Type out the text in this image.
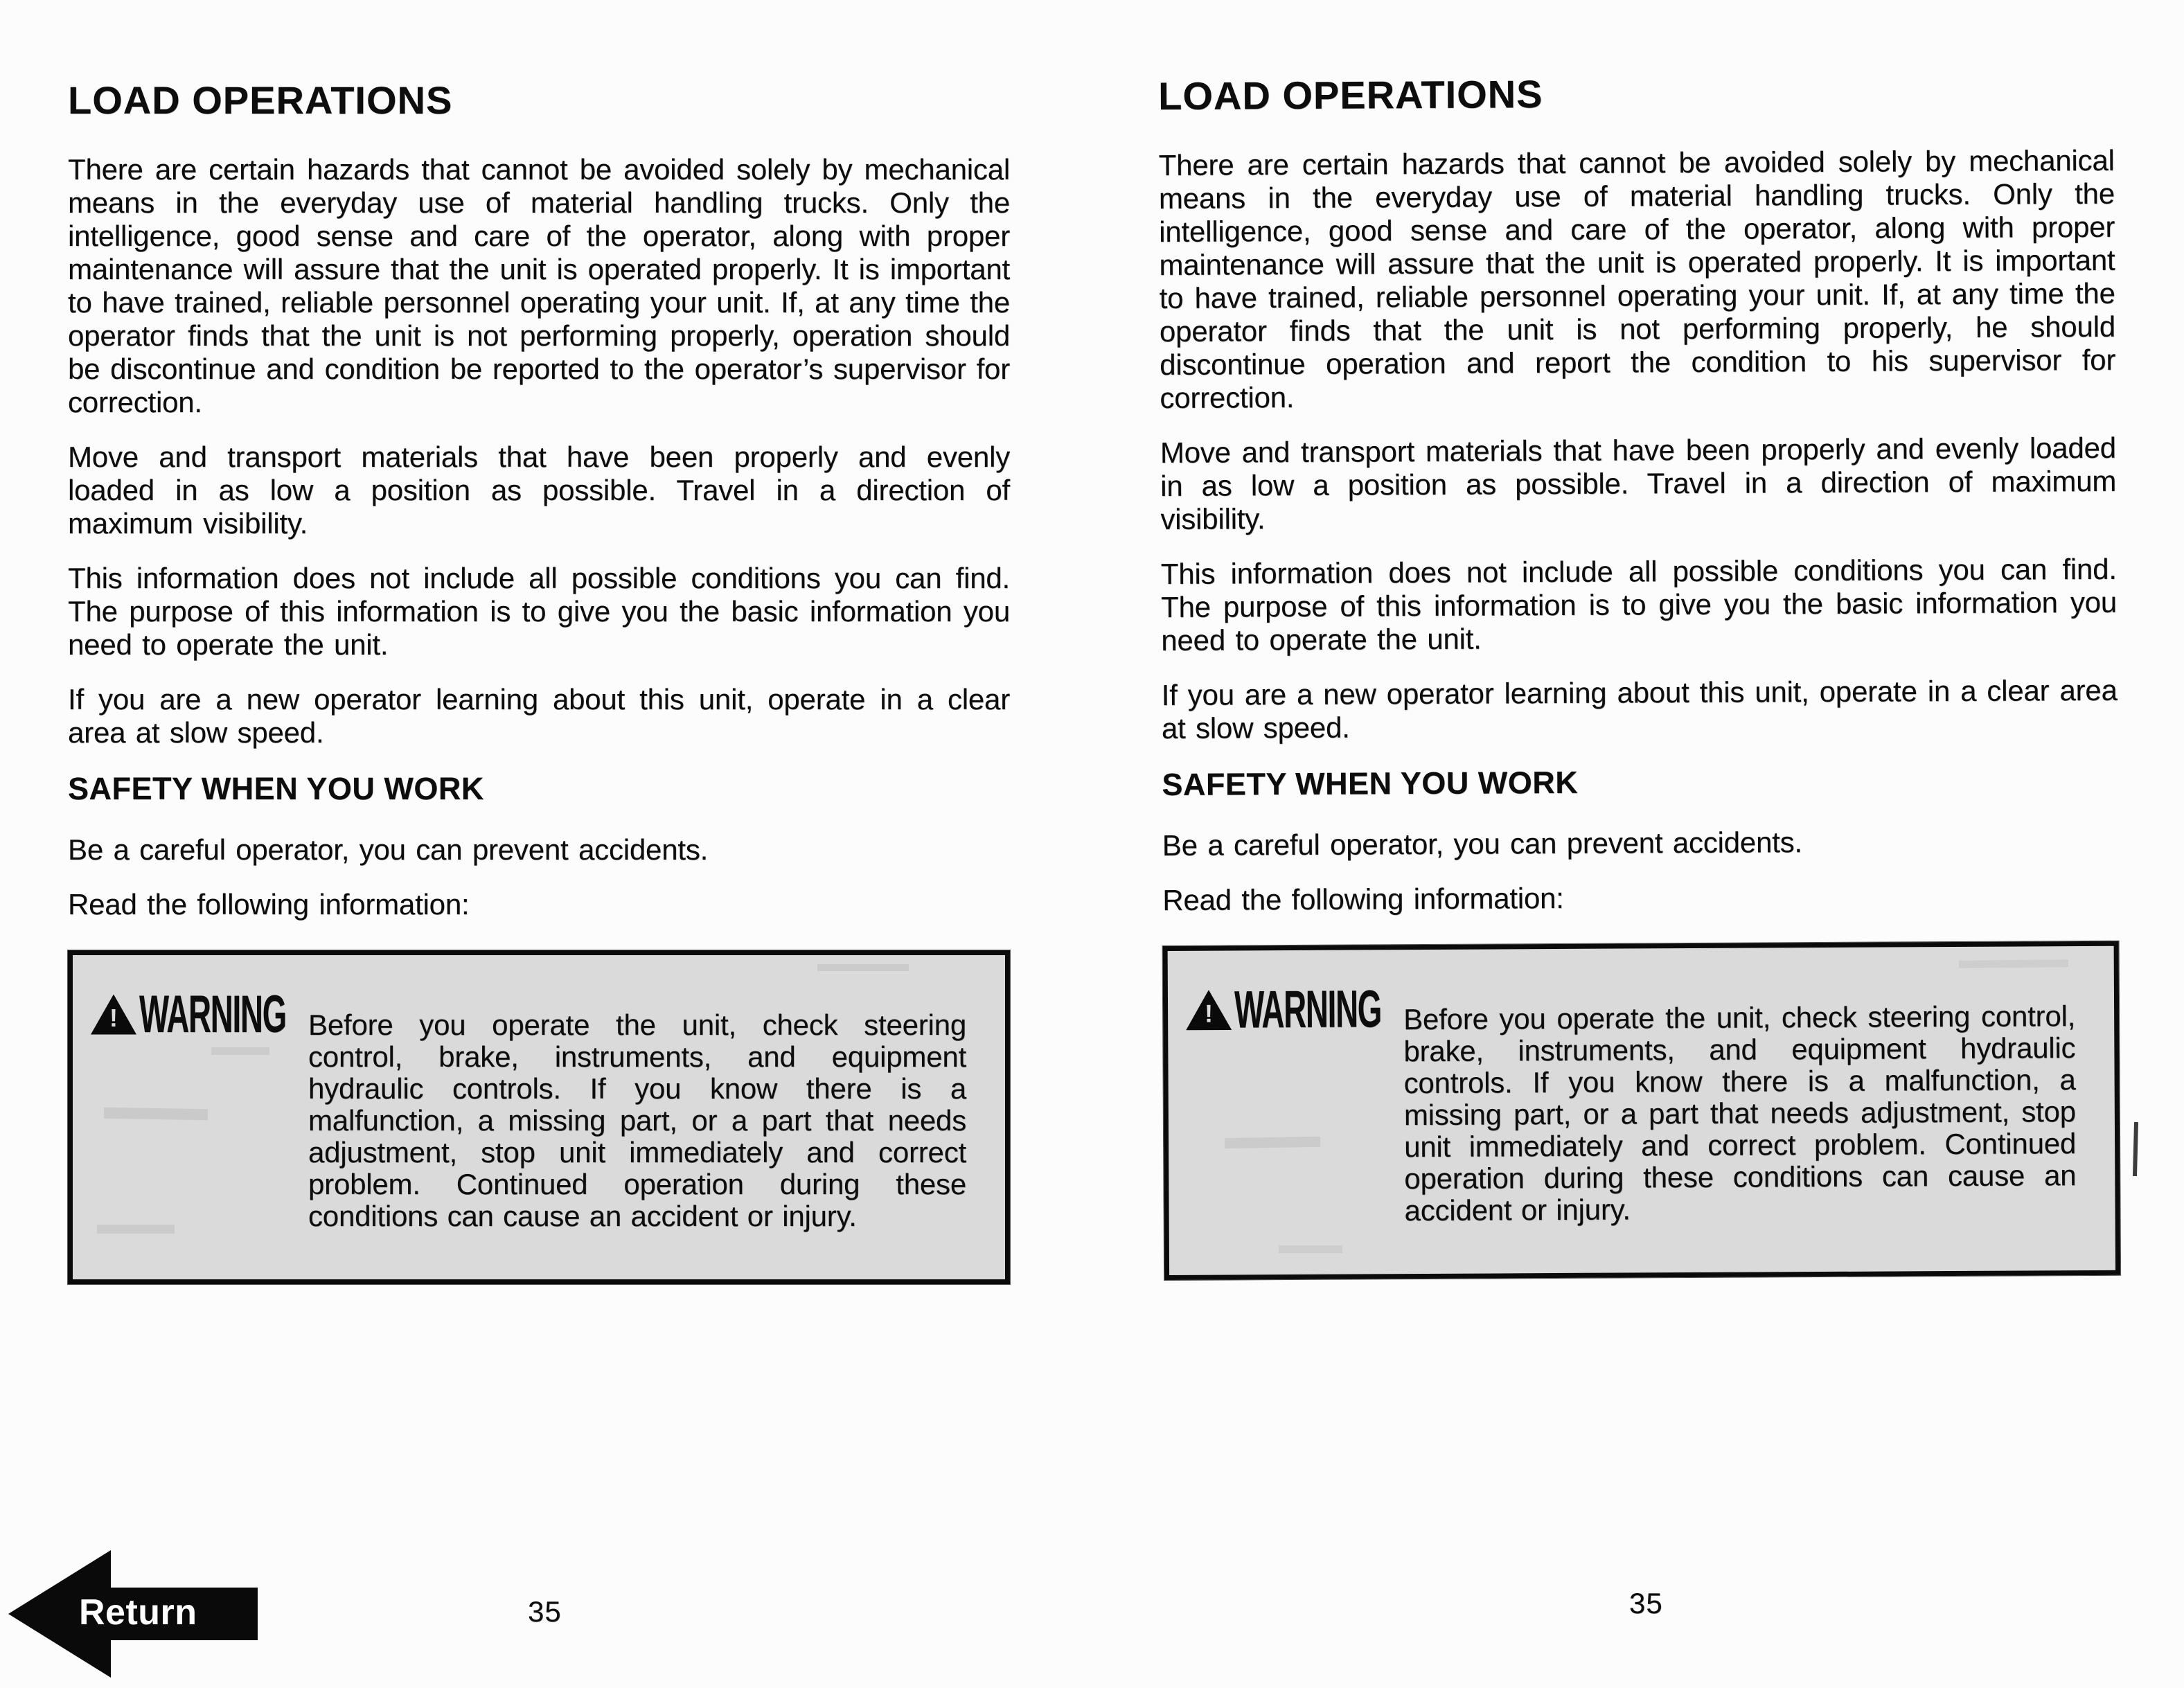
LOAD OPERATIONS

There are certain hazards that cannot be avoided solely by mechanical means in the everyday use of material handling trucks. Only the intelligence, good sense and care of the operator, along with proper maintenance will assure that the unit is operated properly. It is important to have trained, reliable personnel operating your unit. If, at any time the operator finds that the unit is not performing properly, operation should be discontinue and condition be reported to the operator’s supervisor for correction.

Move and transport materials that have been properly and evenly loaded in as low a position as possible. Travel in a direction of maximum visibility.

This information does not include all possible conditions you can find. The purpose of this information is to give you the basic information you need to operate the unit.

If you are a new operator learning about this unit, operate in a clear area at slow speed.

SAFETY WHEN YOU WORK

Be a careful operator, you can prevent accidents.

Read the following information:

!
WARNING Before you operate the unit, check steering control, brake, instruments, and equipment hydraulic controls. If you know there is a malfunction, a missing part, or a part that needs adjustment, stop unit immediately and correct problem. Continued operation during these conditions can cause an accident or injury.

LOAD OPERATIONS

There are certain hazards that cannot be avoided solely by mechanical means in the everyday use of material handling trucks. Only the intelligence, good sense and care of the operator, along with proper maintenance will assure that the unit is operated properly. It is important to have trained, reliable personnel operating your unit. If, at any time the operator finds that the unit is not performing properly, he should discontinue operation and report the condition to his supervisor for correction.

Move and transport materials that have been properly and evenly loaded in as low a position as possible. Travel in a direction of maximum visibility.

This information does not include all possible conditions you can find. The purpose of this information is to give you the basic information you need to operate the unit.

If you are a new operator learning about this unit, operate in a clear area at slow speed.

SAFETY WHEN YOU WORK

Be a careful operator, you can prevent accidents.

Read the following information:

!
WARNING Before you operate the unit, check steering control, brake, instruments, and equipment hydraulic controls. If you know there is a malfunction, a missing part, or a part that needs adjustment, stop unit immediately and correct problem. Continued operation during these conditions can cause an accident or injury.

35	35
Return
